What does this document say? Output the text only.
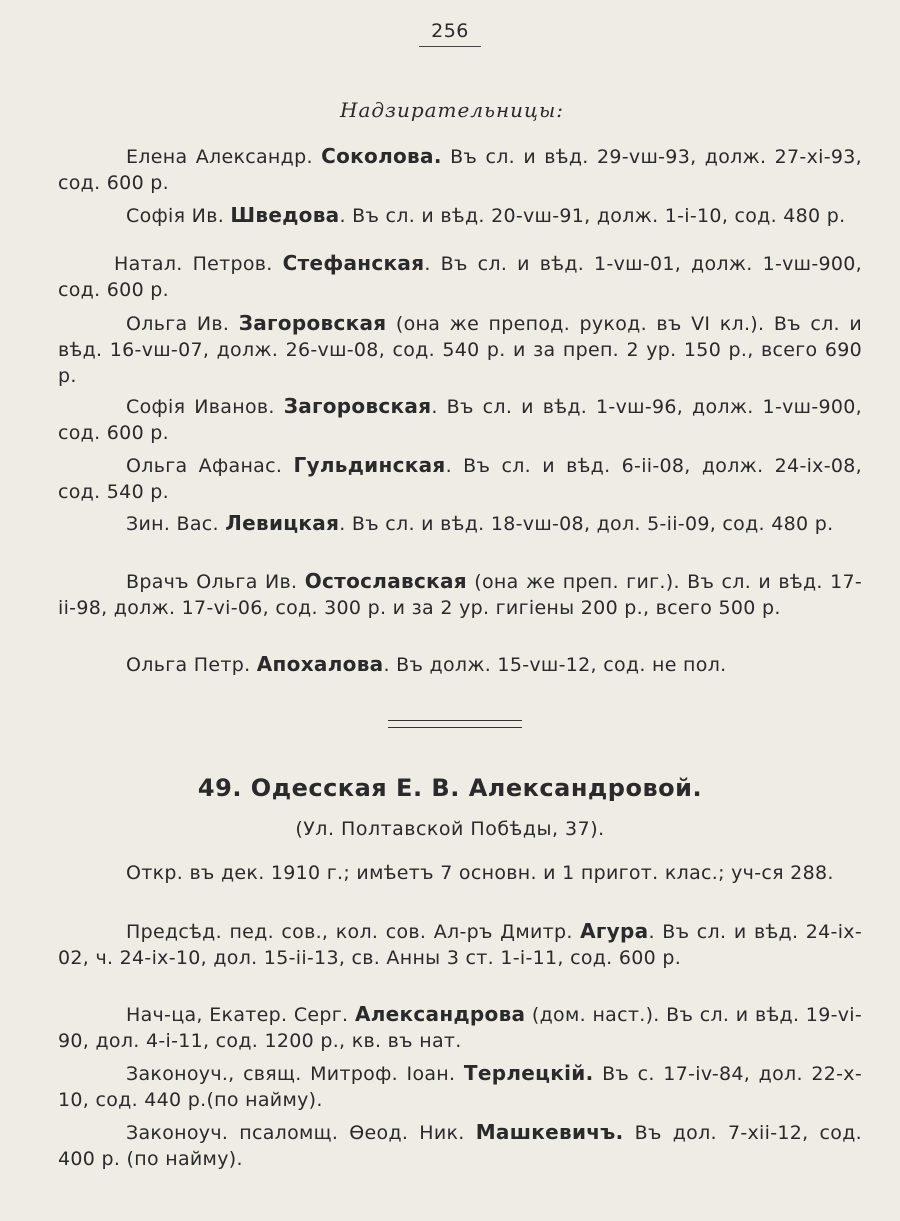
256
Надзирательницы:
Елена Александр. Соколова. Въ сл. и вѣд. 29-vш-93, долж. 27-xi-93, сод. 600 р.
Софія Ив. Шведова. Въ сл. и вѣд. 20-vш-91, долж. 1-i-10, сод. 480 р.
Натал. Петров. Стефанская. Въ сл. и вѣд. 1-vш-01, долж. 1-vш-900, сод. 600 р.
Ольга Ив. Загоровская (она же препод. рукод. въ VI кл.). Въ сл. и вѣд. 16-vш-07, долж. 26-vш-08, сод. 540 р. и за преп. 2 ур. 150 р., всего 690 р.
Софія Иванов. Загоровская. Въ сл. и вѣд. 1-vш-96, долж. 1-vш-900, сод. 600 р.
Ольга Афанас. Гульдинская. Въ сл. и вѣд. 6-ii-08, долж. 24-ix-08, сод. 540 р.
Зин. Вас. Левицкая. Въ сл. и вѣд. 18-vш-08, дол. 5-ii-09, сод. 480 р.
Врачъ Ольга Ив. Остославская (она же преп. гиг.). Въ сл. и вѣд. 17-ii-98, долж. 17-vi-06, сод. 300 р. и за 2 ур. гигіены 200 р., всего 500 р.
Ольга Петр. Апохалова. Въ долж. 15-vш-12, сод. не пол.
49. Одесская Е. В. Александровой.
(Ул. Полтавской Побѣды, 37).
Откр. въ дек. 1910 г.; имѣетъ 7 основн. и 1 пригот. клас.; уч-ся 288.
Предсѣд. пед. сов., кол. сов. Ал-ръ Дмитр. Агура. Въ сл. и вѣд. 24-ix-02, ч. 24-ix-10, дол. 15-ii-13, св. Анны 3 ст. 1-i-11, сод. 600 р.
Нач-ца, Екатер. Серг. Александрова (дом. наст.). Въ сл. и вѣд. 19-vi-90, дол. 4-i-11, сод. 1200 р., кв. въ нат.
Законоуч., свящ. Митроф. Іоан. Терлецкій. Въ с. 17-iv-84, дол. 22-x-10, сод. 440 р.(по найму).
Законоуч. псаломщ. Ѳеод. Ник. Машкевичъ. Въ дол. 7-xii-12, сод. 400 р. (по найму).
